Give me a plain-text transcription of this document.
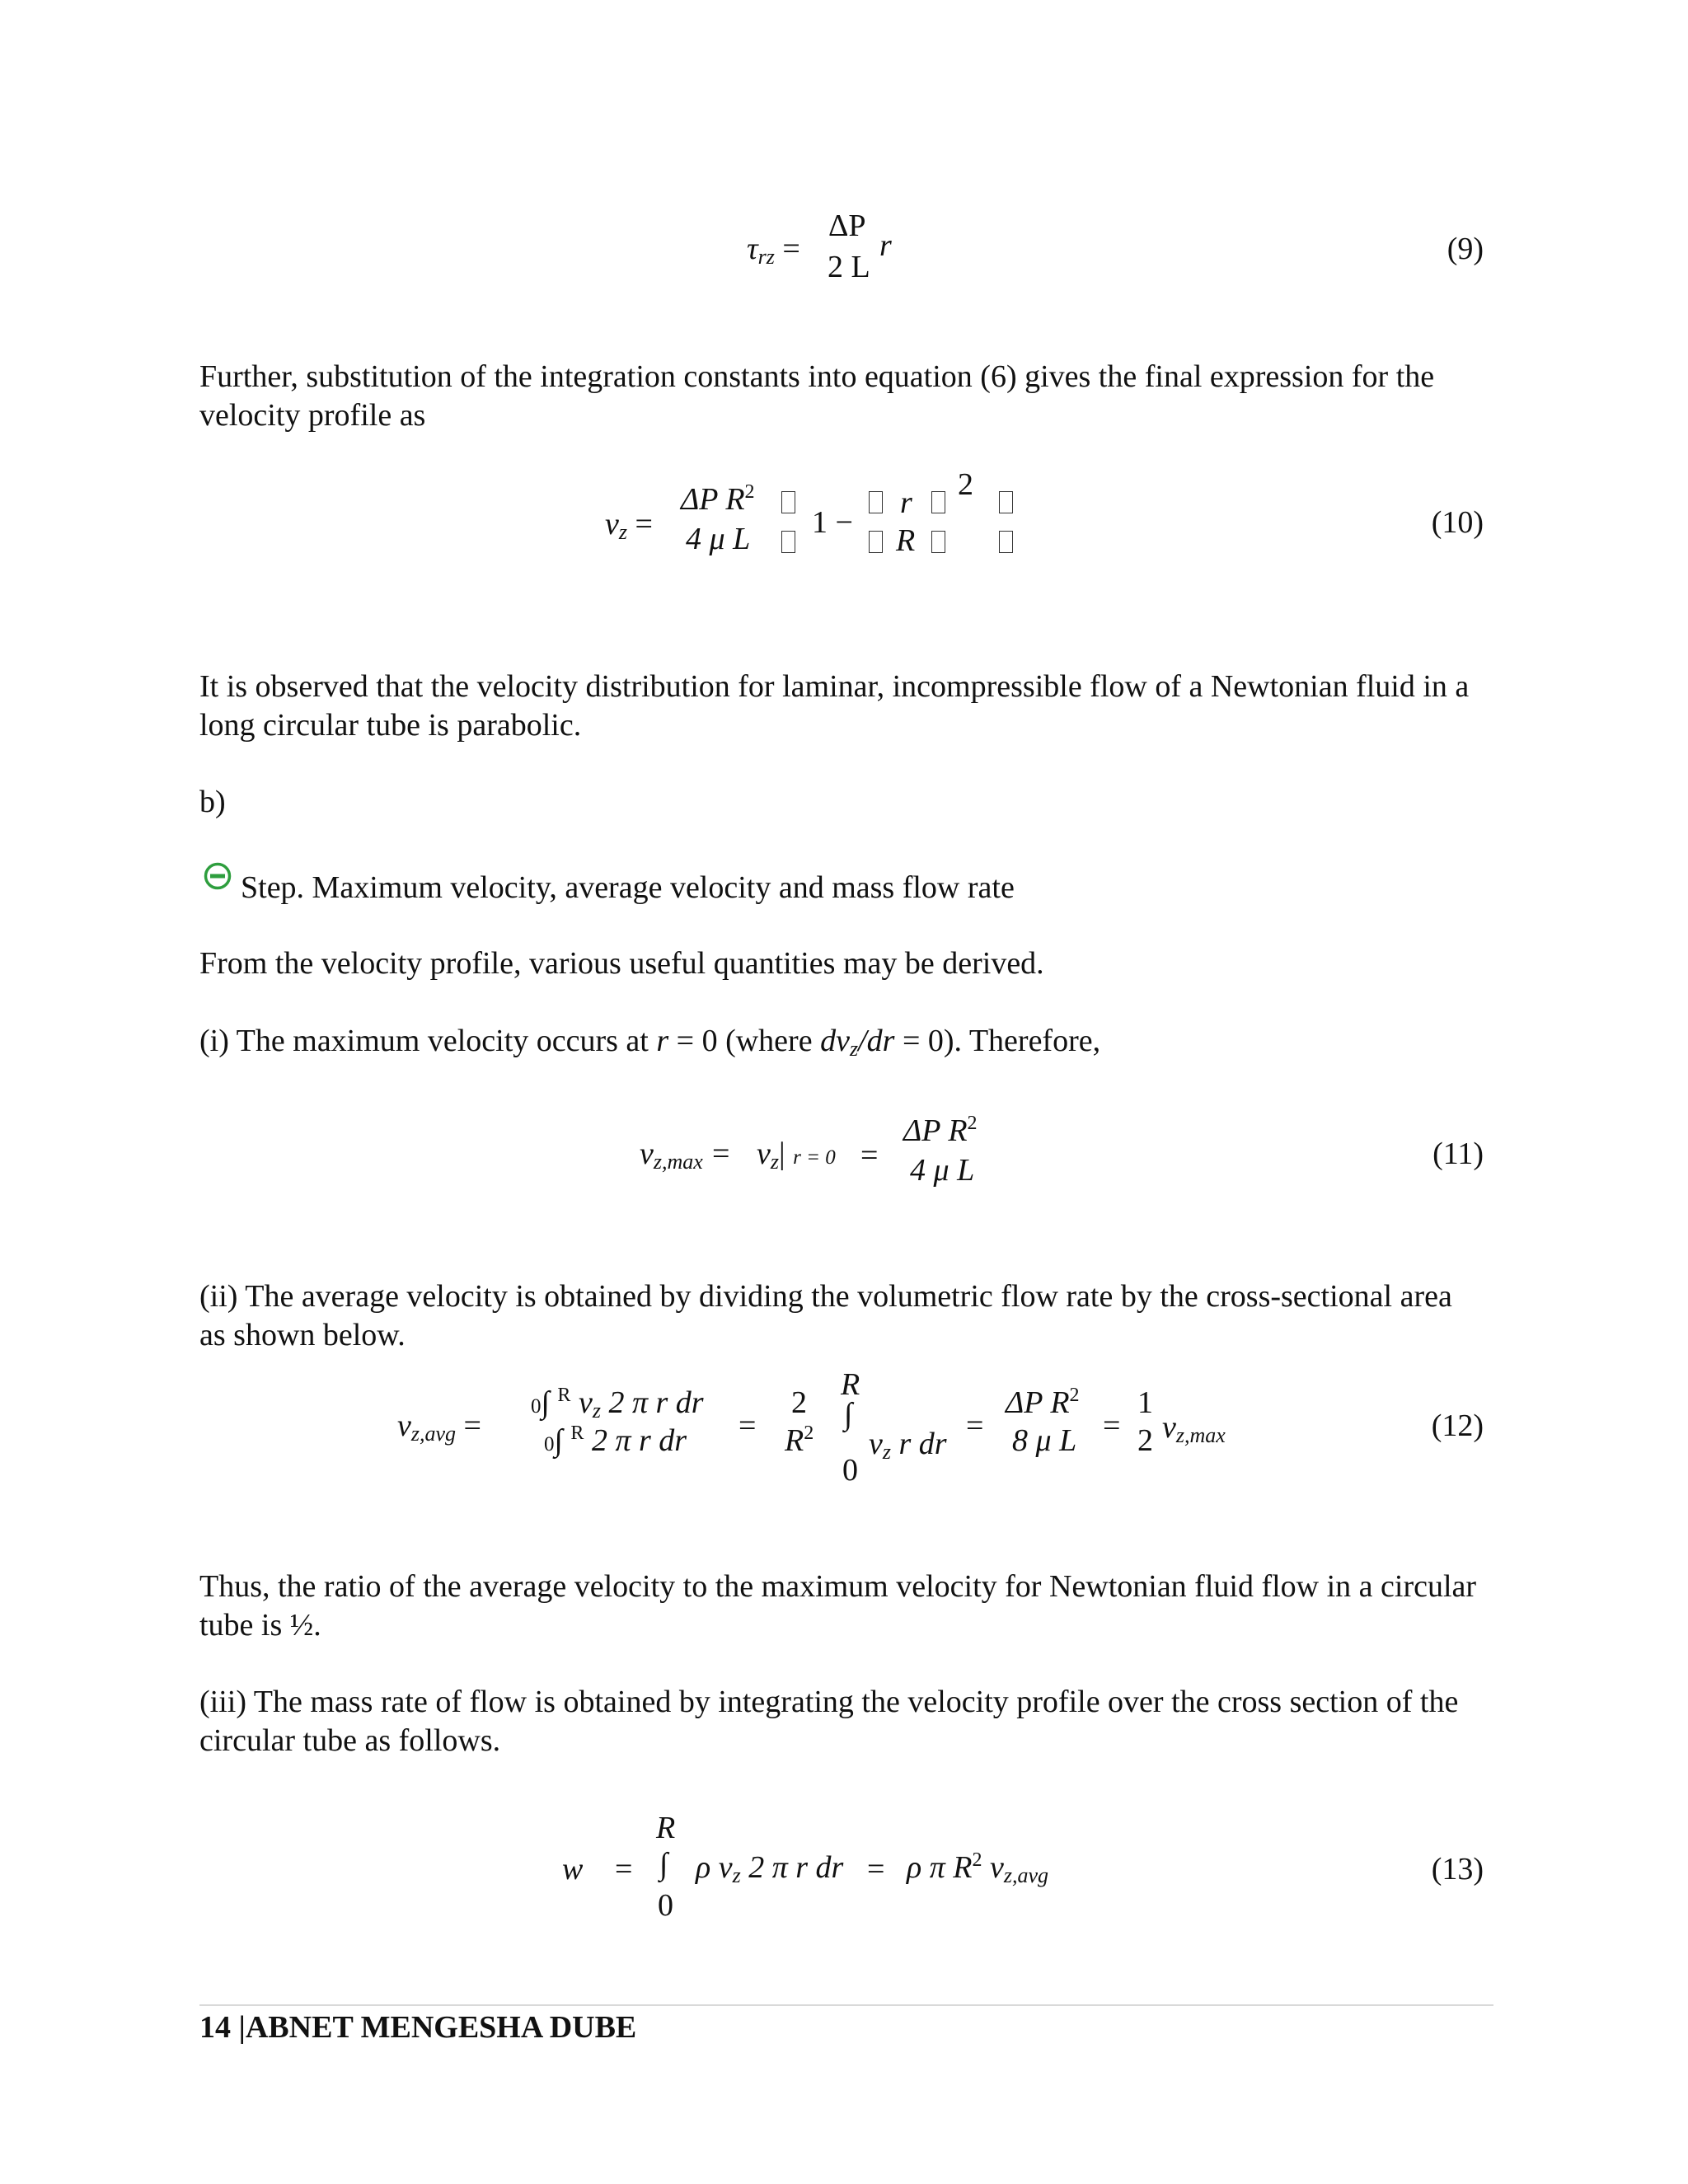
τrz =
ΔP
2 L
r	(9)

Further, substitution of the integration constants into equation (6) gives the final expression for the velocity profile as

vz =
ΔP $R^2$
4 μ L 1 −
r
R
2
(10)

It is observed that the velocity distribution for laminar, incompressible flow of a Newtonian fluid in a long circular tube is parabolic.

b)

Step. Maximum velocity, average velocity and mass flow rate

From the velocity profile, various useful quantities may be derived.

(i) The maximum velocity occurs at r = 0 (where dvz/dr = 0). Therefore,

vz,max = vz| r = 0 =
ΔP $R^2$
4 μ L	(11)

(ii) The average velocity is obtained by dividing the volumetric flow rate by the cross-sectional area as shown below.

vz,avg =
0∫ $^R$ vz 2 π r dr
0∫ $^R$ 2 π r dr =
2
$R^2$
R
∫
0
vz r dr
=
ΔP $R^2$
8 μ L =
1
2 vz,max	(12)

Thus, the ratio of the average velocity to the maximum velocity for Newtonian fluid flow in a circular tube is ½.

(iii) The mass rate of flow is obtained by integrating the velocity profile over the cross section of the circular tube as follows.

w =
R
∫
0
ρ vz 2 π r dr = ρ π $R^2$ vz,avg	(13)
14 |ABNET MENGESHA DUBE
